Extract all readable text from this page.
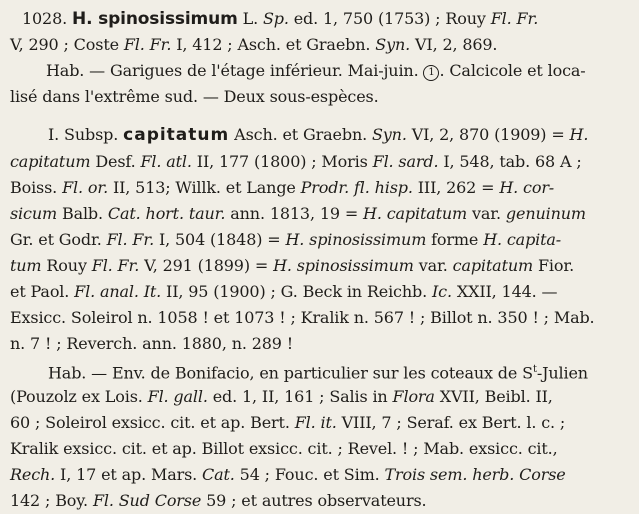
1028. H. spinosissimum L. Sp. ed. 1, 750 (1753) ; Rouy Fl. Fr.
V, 290 ; Coste Fl. Fr. I, 412 ; Asch. et Graebn. Syn. VI, 2, 869.
Hab. — Garigues de l'étage inférieur. Mai-juin. 1 . Calcicole et loca-
lisé dans l'extrême sud. — Deux sous-espèces.
I. Subsp. capitatum Asch. et Graebn. Syn. VI, 2, 870 (1909) = H.
capitatum Desf. Fl. atl. II, 177 (1800) ; Moris Fl. sard. I, 548, tab. 68 A ;
Boiss. Fl. or. II, 513; Willk. et Lange Prodr. fl. hisp. III, 262 = H. cor-
sicum Balb. Cat. hort. taur. ann. 1813, 19 = H. capitatum var. genuinum
Gr. et Godr. Fl. Fr. I, 504 (1848) = H. spinosissimum forme H. capita-
tum Rouy Fl. Fr. V, 291 (1899) = H. spinosissimum var. capitatum Fior.
et Paol. Fl. anal. It. II, 95 (1900) ; G. Beck in Reichb. Ic. XXII, 144. —
Exsicc. Soleirol n. 1058 ! et 1073 ! ; Kralik n. 567 ! ; Billot n. 350 ! ; Mab.
n. 7 ! ; Reverch. ann. 1880, n. 289 !
Hab. — Env. de Bonifacio, en particulier sur les coteaux de $S^t$-Julien
(Pouzolz ex Lois. Fl. gall. ed. 1, II, 161 ; Salis in Flora XVII, Beibl. II,
60 ; Soleirol exsicc. cit. et ap. Bert. Fl. it. VIII, 7 ; Seraf. ex Bert. l. c. ;
Kralik exsicc. cit. et ap. Billot exsicc. cit. ; Revel. ! ; Mab. exsicc. cit.,
Rech. I, 17 et ap. Mars. Cat. 54 ; Fouc. et Sim. Trois sem. herb. Corse
142 ; Boy. Fl. Sud Corse 59 ; et autres observateurs.
